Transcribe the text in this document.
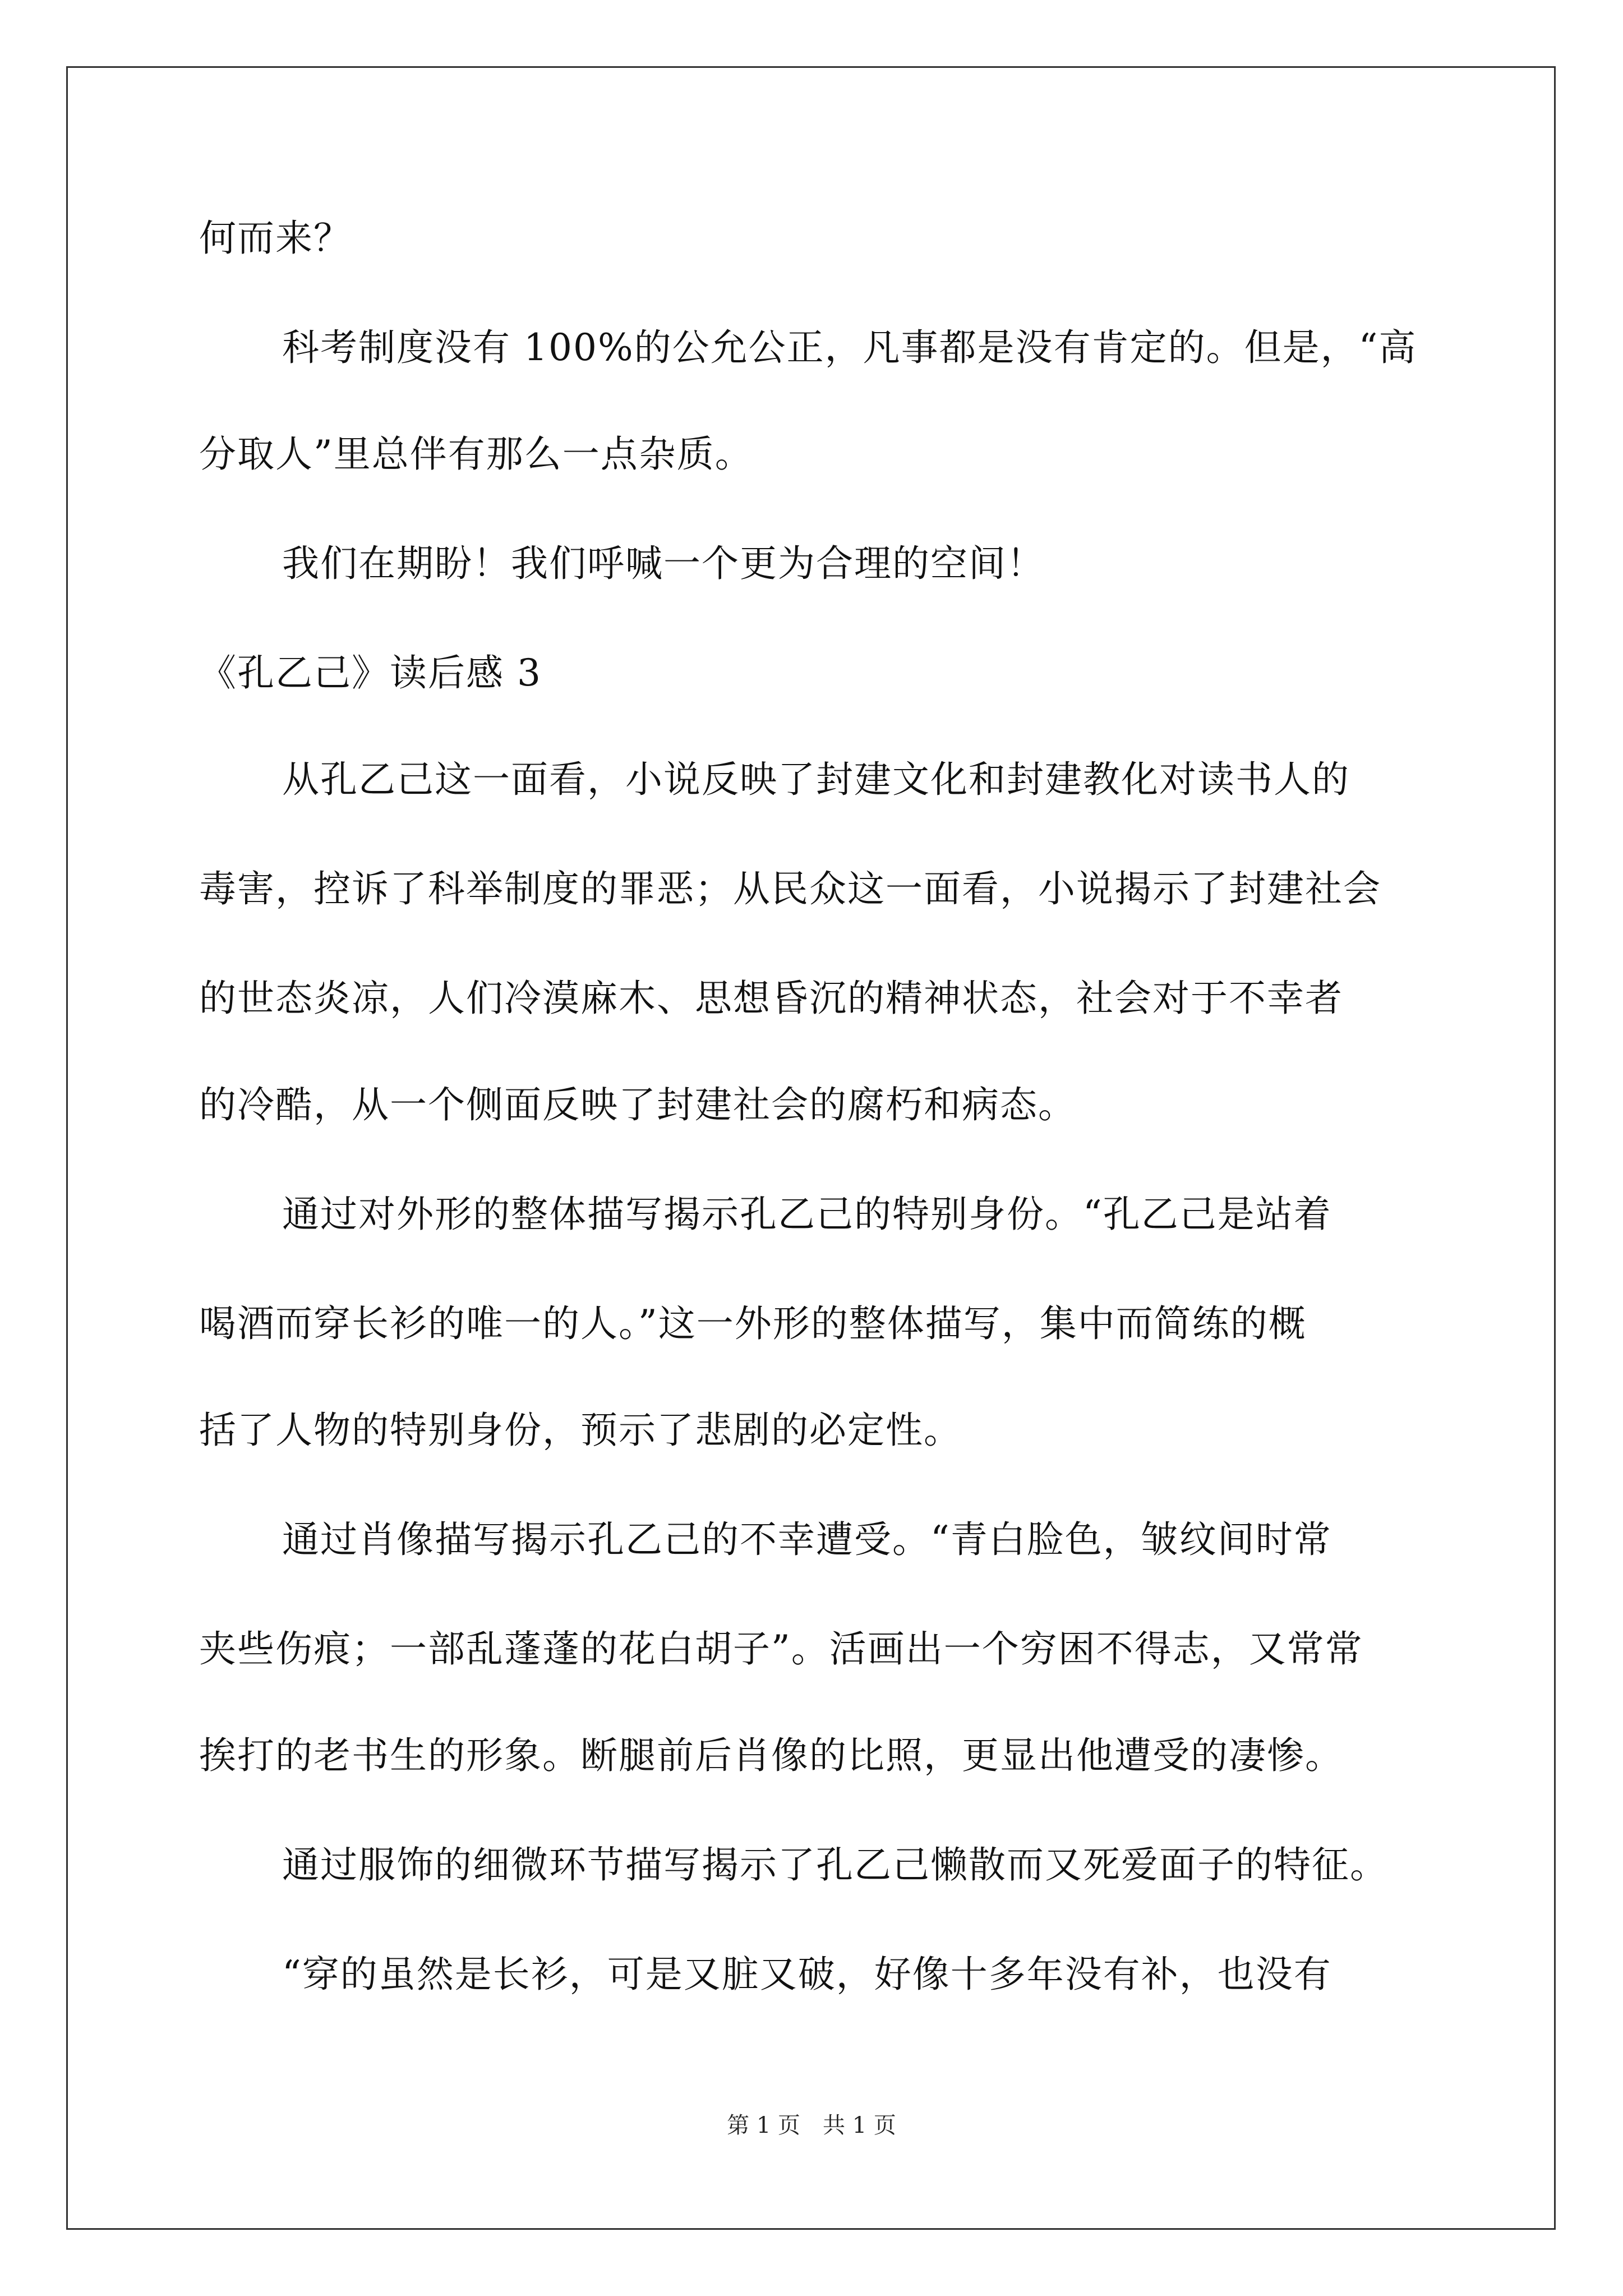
何而来？
科考制度没有 100%的公允公正，凡事都是没有肯定的。但是，“高
分取人”里总伴有那么一点杂质。
我们在期盼！我们呼喊一个更为合理的空间！
《孔乙己》读后感 3
从孔乙己这一面看，小说反映了封建文化和封建教化对读书人的
毒害，控诉了科举制度的罪恶；从民众这一面看，小说揭示了封建社会
的世态炎凉，人们冷漠麻木、思想昏沉的精神状态，社会对于不幸者
的冷酷，从一个侧面反映了封建社会的腐朽和病态。
通过对外形的整体描写揭示孔乙己的特别身份。“孔乙己是站着
喝酒而穿长衫的唯一的人。”这一外形的整体描写，集中而简练的概
括了人物的特别身份，预示了悲剧的必定性。
通过肖像描写揭示孔乙己的不幸遭受。“青白脸色，皱纹间时常
夹些伤痕；一部乱蓬蓬的花白胡子”。活画出一个穷困不得志，又常常
挨打的老书生的形象。断腿前后肖像的比照，更显出他遭受的凄惨。
通过服饰的细微环节描写揭示了孔乙己懒散而又死爱面子的特征。
“穿的虽然是长衫，可是又脏又破，好像十多年没有补，也没有
第 1 页　共 1 页
